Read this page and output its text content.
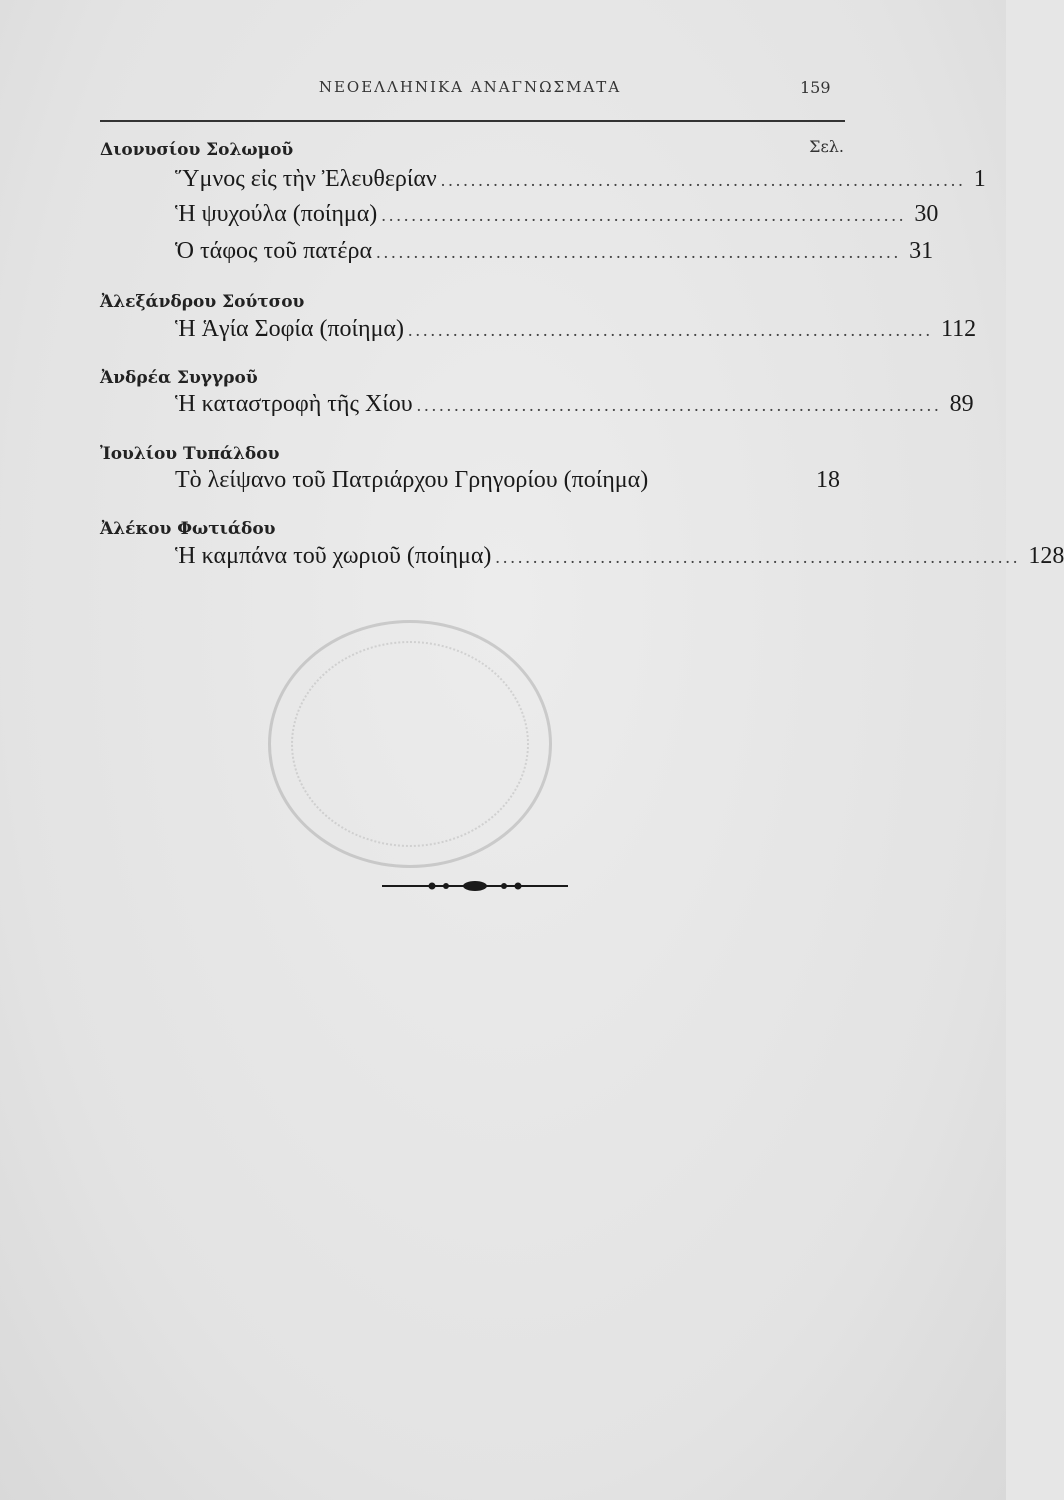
ΝΕΟΕΛΛΗΝΙΚΑ ΑΝΑΓΝΩΣΜΑΤΑ	159
Σελ.
Διονυσίου Σολωμοῦ
Ὕμνος εἰς τὴν Ἐλευθερίαν ...................................................................... 1
Ἡ ψυχούλα (ποίημα) ...................................................................... 30
Ὁ τάφος τοῦ πατέρα ...................................................................... 31
Ἀλεξάνδρου Σούτσου
Ἡ Ἁγία Σοφία (ποίημα) ...................................................................... 112
Ἀνδρέα Συγγροῦ
Ἡ καταστροφὴ τῆς Χίου ...................................................................... 89
Ἰουλίου Τυπάλδου
Τὸ λείψανο τοῦ Πατριάρχου Γρηγορίου (ποίημα)	18
Ἀλέκου Φωτιάδου
Ἡ καμπάνα τοῦ χωριοῦ (ποίημα) ...................................................................... 128
